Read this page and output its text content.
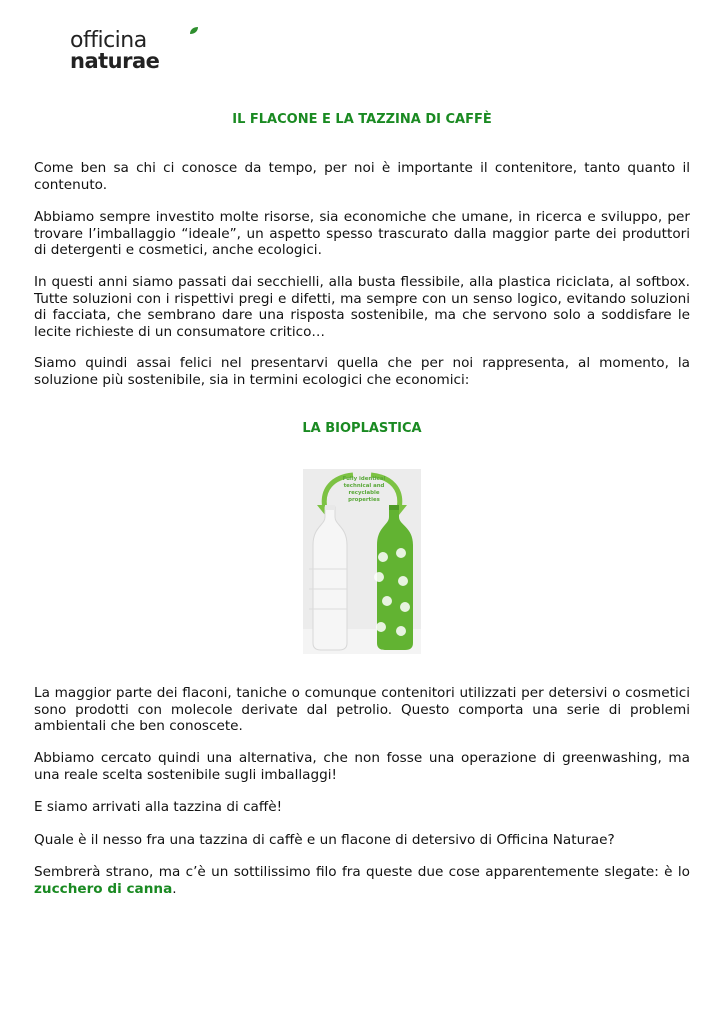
officina
naturae
IL FLACONE E LA TAZZINA DI CAFFÈ

Come ben sa chi ci conosce da tempo, per noi è importante il contenitore, tanto quanto il contenuto.

Abbiamo sempre investito molte risorse, sia economiche che umane, in ricerca e sviluppo, per trovare l’imballaggio “ideale”, un aspetto spesso trascurato dalla maggior parte dei produttori di detergenti e cosmetici, anche ecologici.

In questi anni siamo passati dai secchielli, alla busta flessibile, alla plastica riciclata, al softbox. Tutte soluzioni con i rispettivi pregi e difetti, ma sempre con un senso logico, evitando soluzioni di facciata, che sembrano dare una risposta sostenibile, ma che servono solo a soddisfare le lecite richieste di un consumatore critico…

Siamo quindi assai felici nel presentarvi quella che per noi rappresenta, al momento, la soluzione più sostenibile, sia in termini ecologici che economici:

LA BIOPLASTICA
Fully identical
technical and
recyclable
properties

La maggior parte dei flaconi, taniche o comunque contenitori utilizzati per detersivi o cosmetici sono prodotti con molecole derivate dal petrolio. Questo comporta una serie di problemi ambientali che ben conoscete.

Abbiamo cercato quindi una alternativa, che non fosse una operazione di greenwashing, ma una reale scelta sostenibile sugli imballaggi!

E siamo arrivati alla tazzina di caffè!

Quale è il nesso fra una tazzina di caffè e un flacone di detersivo di Officina Naturae?

Sembrerà strano, ma c’è un sottilissimo filo fra queste due cose apparentemente slegate: è lo zucchero di canna.
